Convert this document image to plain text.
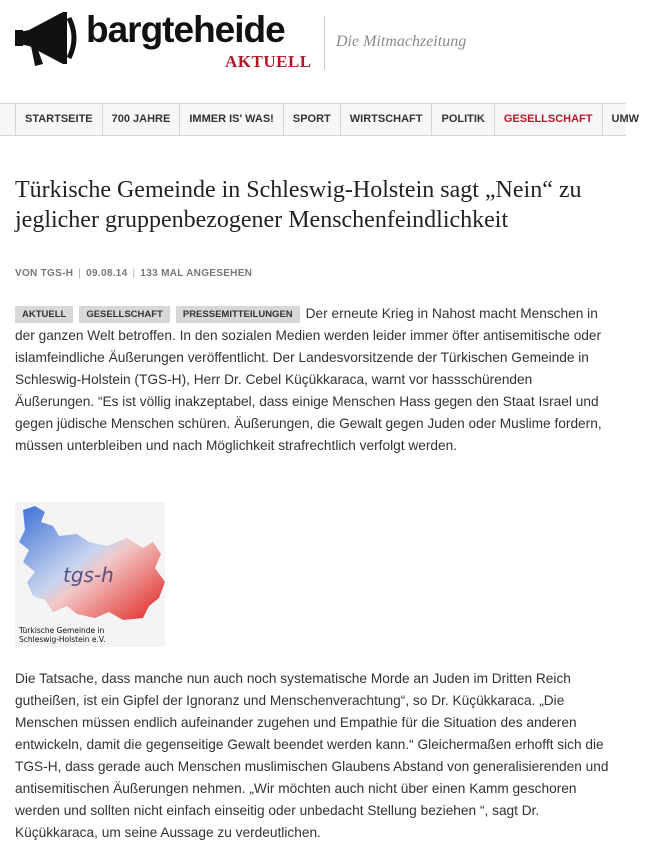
bargteheide
AKTUELL
Die Mitmachzeitung
STARTSEITE	700 JAHRE	IMMER IS' WAS!	SPORT	WIRTSCHAFT	POLITIK	GESELLSCHAFT	UMW
Türkische Gemeinde in Schleswig-Holstein sagt „Nein“ zu jeglicher gruppenbezogener Menschenfeindlichkeit
VON TGS-H | 09.08.14 | 133 MAL ANGESEHEN
AKTUELL GESELLSCHAFT PRESSEMITTEILUNGEN Der erneute Krieg in Nahost macht Menschen in der ganzen Welt betroffen. In den sozialen Medien werden leider immer öfter antisemitische oder islamfeindliche Äußerungen veröffentlicht. Der Landesvorsitzende der Türkischen Gemeinde in Schleswig-Holstein (TGS-H), Herr Dr. Cebel Küçükkaraca, warnt vor hassschürenden Äußerungen. “Es ist völlig inakzeptabel, dass einige Menschen Hass gegen den Staat Israel und gegen jüdische Menschen schüren. Äußerungen, die Gewalt gegen Juden oder Muslime fordern, müssen unterbleiben und nach Möglichkeit strafrechtlich verfolgt werden.
tgs-h
Türkische Gemeinde in
Schleswig-Holstein e.V.
Die Tatsache, dass manche nun auch noch systematische Morde an Juden im Dritten Reich gutheißen, ist ein Gipfel der Ignoranz und Menschenverachtung“, so Dr. Küçükkaraca. „Die Menschen müssen endlich aufeinander zugehen und Empathie für die Situation des anderen entwickeln, damit die gegenseitige Gewalt beendet werden kann.“ Gleichermaßen erhofft sich die TGS-H, dass gerade auch Menschen muslimischen Glaubens Abstand von generalisierenden und antisemitischen Äußerungen nehmen. „Wir möchten auch nicht über einen Kamm geschoren werden und sollten nicht einfach einseitig oder unbedacht Stellung beziehen “, sagt Dr. Küçükkaraca, um seine Aussage zu verdeutlichen.
